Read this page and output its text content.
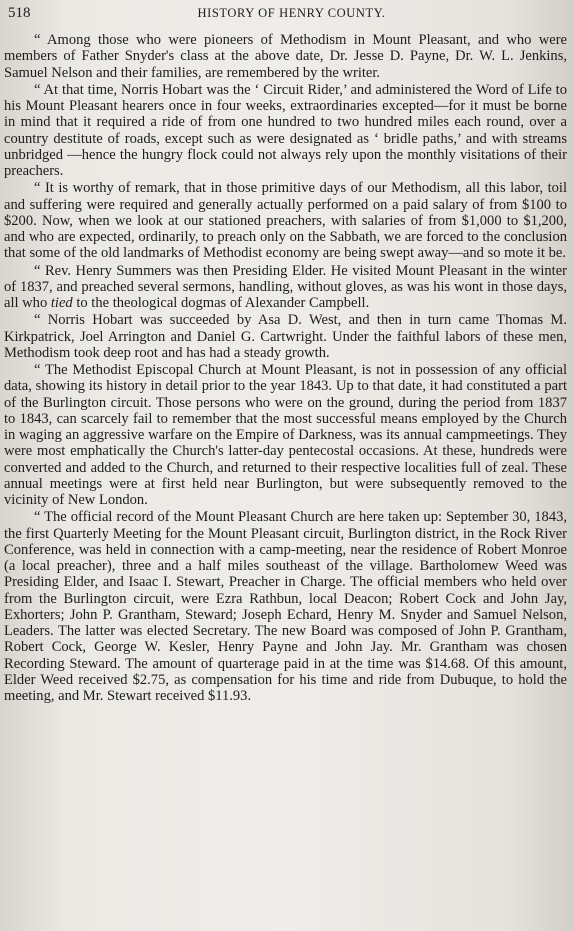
518	HISTORY OF HENRY COUNTY.

“ Among those who were pioneers of Methodism in Mount Pleasant, and who were members of Father Snyder's class at the above date, Dr. Jesse D. Payne, Dr. W. L. Jenkins, Samuel Nelson and their families, are remembered by the writer.

“ At that time, Norris Hobart was the ‘ Circuit Rider,’ and administered the Word of Life to his Mount Pleasant hearers once in four weeks, extraordinaries excepted—for it must be borne in mind that it required a ride of from one hundred to two hundred miles each round, over a country destitute of roads, except such as were designated as ‘ bridle paths,’ and with streams unbridged —hence the hungry flock could not always rely upon the monthly visitations of their preachers.

“ It is worthy of remark, that in those primitive days of our Methodism, all this labor, toil and suffering were required and generally actually performed on a paid salary of from $100 to $200. Now, when we look at our stationed preachers, with salaries of from $1,000 to $1,200, and who are expected, ordinarily, to preach only on the Sabbath, we are forced to the conclusion that some of the old landmarks of Methodist economy are being swept away—and so mote it be.

“ Rev. Henry Summers was then Presiding Elder. He visited Mount Pleasant in the winter of 1837, and preached several sermons, handling, without gloves, as was his wont in those days, all who tied to the theological dogmas of Alexander Campbell.

“ Norris Hobart was succeeded by Asa D. West, and then in turn came Thomas M. Kirkpatrick, Joel Arrington and Daniel G. Cartwright. Under the faithful labors of these men, Methodism took deep root and has had a steady growth.

“ The Methodist Episcopal Church at Mount Pleasant, is not in possession of any official data, showing its history in detail prior to the year 1843. Up to that date, it had constituted a part of the Burlington circuit. Those persons who were on the ground, during the period from 1837 to 1843, can scarcely fail to remember that the most successful means employed by the Church in waging an aggressive warfare on the Empire of Darkness, was its annual campmeetings. They were most emphatically the Church's latter-day pentecostal occasions. At these, hundreds were converted and added to the Church, and returned to their respective localities full of zeal. These annual meetings were at first held near Burlington, but were subsequently removed to the vicinity of New London.

“ The official record of the Mount Pleasant Church are here taken up: September 30, 1843, the first Quarterly Meeting for the Mount Pleasant circuit, Burlington district, in the Rock River Conference, was held in connection with a camp-meeting, near the residence of Robert Monroe (a local preacher), three and a half miles southeast of the village. Bartholomew Weed was Presiding Elder, and Isaac I. Stewart, Preacher in Charge. The official members who held over from the Burlington circuit, were Ezra Rathbun, local Deacon; Robert Cock and John Jay, Exhorters; John P. Grantham, Steward; Joseph Echard, Henry M. Snyder and Samuel Nelson, Leaders. The latter was elected Secretary. The new Board was composed of John P. Grantham, Robert Cock, George W. Kesler, Henry Payne and John Jay. Mr. Grantham was chosen Recording Steward. The amount of quarterage paid in at the time was $14.68. Of this amount, Elder Weed received $2.75, as compensation for his time and ride from Dubuque, to hold the meeting, and Mr. Stewart received $11.93.
